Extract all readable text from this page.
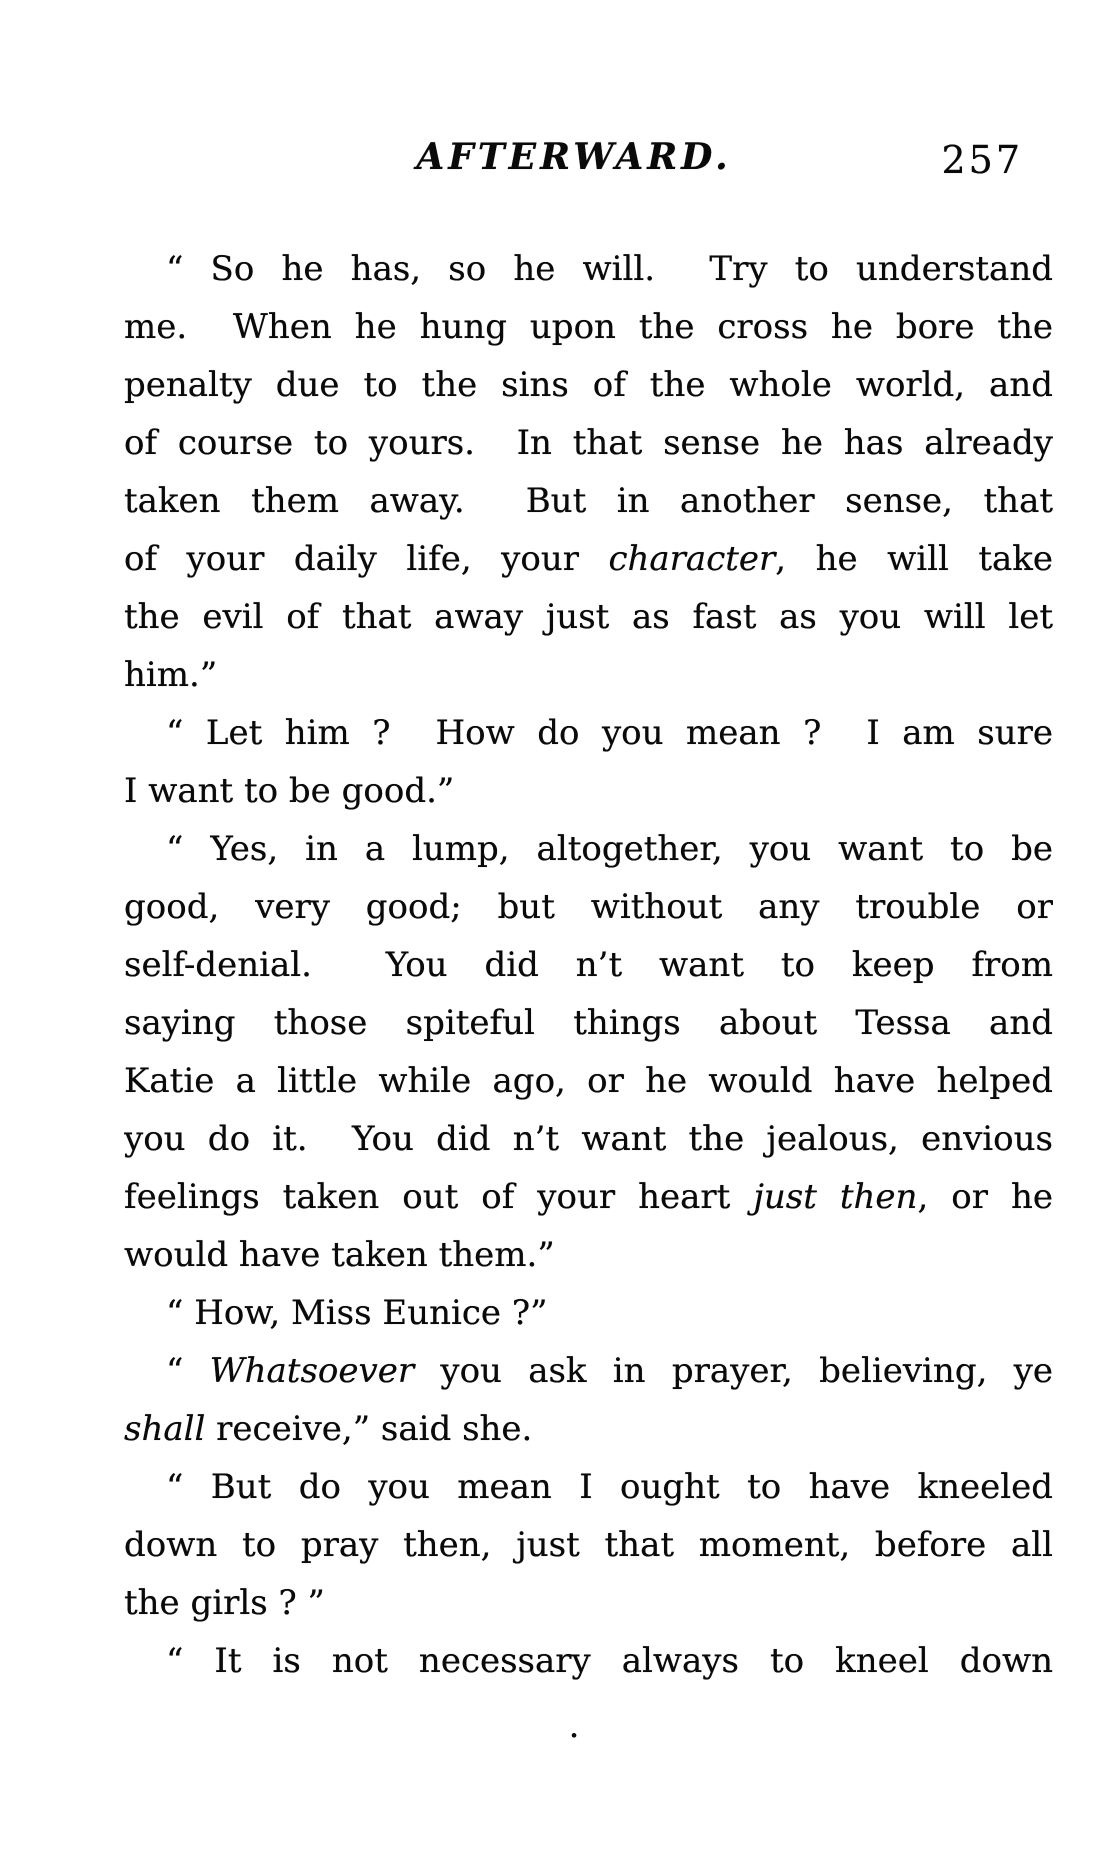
AFTERWARD.	257
“ So he has, so he will.  Try to understand
me.  When he hung upon the cross he bore the
penalty due to the sins of the whole world, and
of course to yours.  In that sense he has already
taken them away.  But in another sense, that
of your daily life, your character, he will take
the evil of that away just as fast as you will let
him.”
“ Let him ?  How do you mean ?  I am sure
I want to be good.”
“ Yes, in a lump, altogether, you want to be
good, very good; but without any trouble or
self-denial.  You did n’t want to keep from
saying those spiteful things about Tessa and
Katie a little while ago, or he would have helped
you do it.  You did n’t want the jealous, envious
feelings taken out of your heart just then, or he
would have taken them.”
“ How, Miss Eunice ?”
“ Whatsoever you ask in prayer, believing, ye
shall receive,” said she.
“ But do you mean I ought to have kneeled
down to pray then, just that moment, before all
the girls ? ”
“ It is not necessary always to kneel down
.
